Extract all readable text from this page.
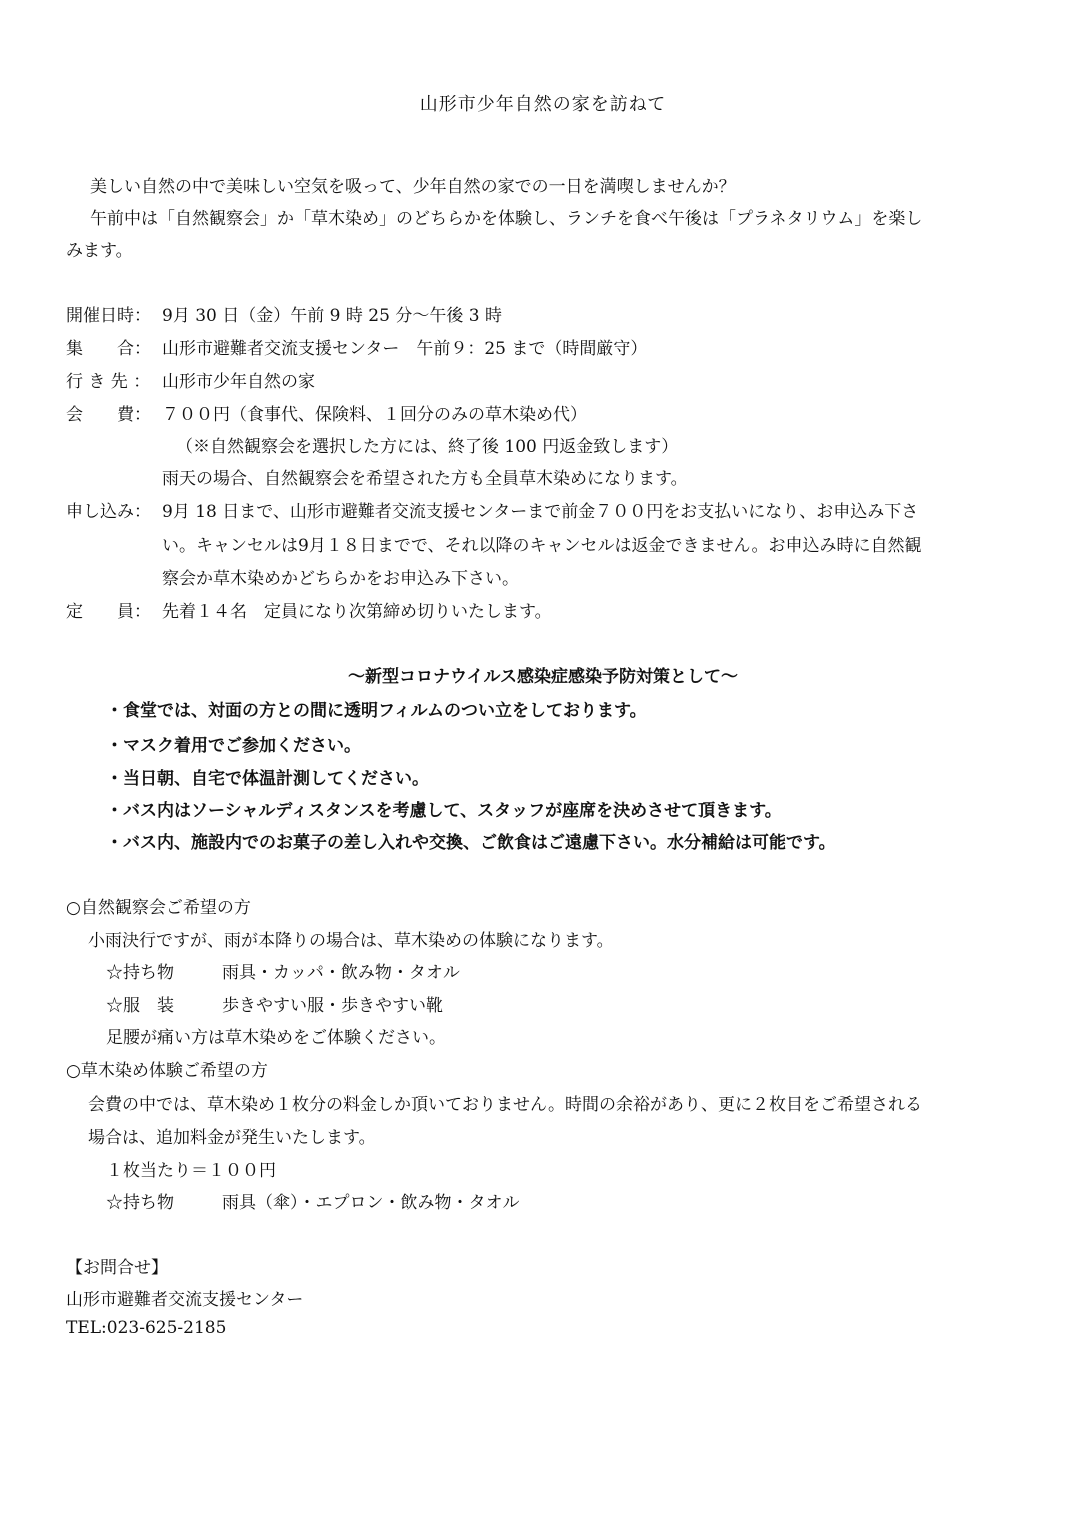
山形市少年自然の家を訪ねて
美しい自然の中で美味しい空気を吸って、少年自然の家での一日を満喫しませんか？
午前中は「自然観察会」か「草木染め」のどちらかを体験し、ランチを食べ午後は「プラネタリウム」を楽し
みます。
開催日時： 9月 30 日（金）午前 9 時 25 分〜午後 3 時
集　　合： 山形市避難者交流支援センター　午前９：25 まで（時間厳守）
行 き 先 ： 山形市少年自然の家
会　　費： ７００円（食事代、保険料、１回分のみの草木染め代）
（※自然観察会を選択した方には、終了後 100 円返金致します）
雨天の場合、自然観察会を希望された方も全員草木染めになります。
申し込み： 9月 18 日まで、山形市避難者交流支援センターまで前金７００円をお支払いになり、お申込み下さ
い。キャンセルは9月１８日までで、それ以降のキャンセルは返金できません。お申込み時に自然観
察会か草木染めかどちらかをお申込み下さい。
定　　員： 先着１４名　定員になり次第締め切りいたします。
〜新型コロナウイルス感染症感染予防対策として〜
・食堂では、対面の方との間に透明フィルムのつい立をしております。
・マスク着用でご参加ください。
・当日朝、自宅で体温計測してください。
・バス内はソーシャルディスタンスを考慮して、スタッフが座席を決めさせて頂きます。
・バス内、施設内でのお菓子の差し入れや交換、ご飲食はご遠慮下さい。水分補給は可能です。
○自然観察会ご希望の方
小雨決行ですが、雨が本降りの場合は、草木染めの体験になります。
☆持ち物	雨具・カッパ・飲み物・タオル
☆服　装	歩きやすい服・歩きやすい靴
足腰が痛い方は草木染めをご体験ください。
○草木染め体験ご希望の方
会費の中では、草木染め１枚分の料金しか頂いておりません。時間の余裕があり、更に２枚目をご希望される
場合は、追加料金が発生いたします。
１枚当たり＝１００円
☆持ち物	雨具（傘）・エプロン・飲み物・タオル
【お問合せ】
山形市避難者交流支援センター
TEL:023-625-2185
